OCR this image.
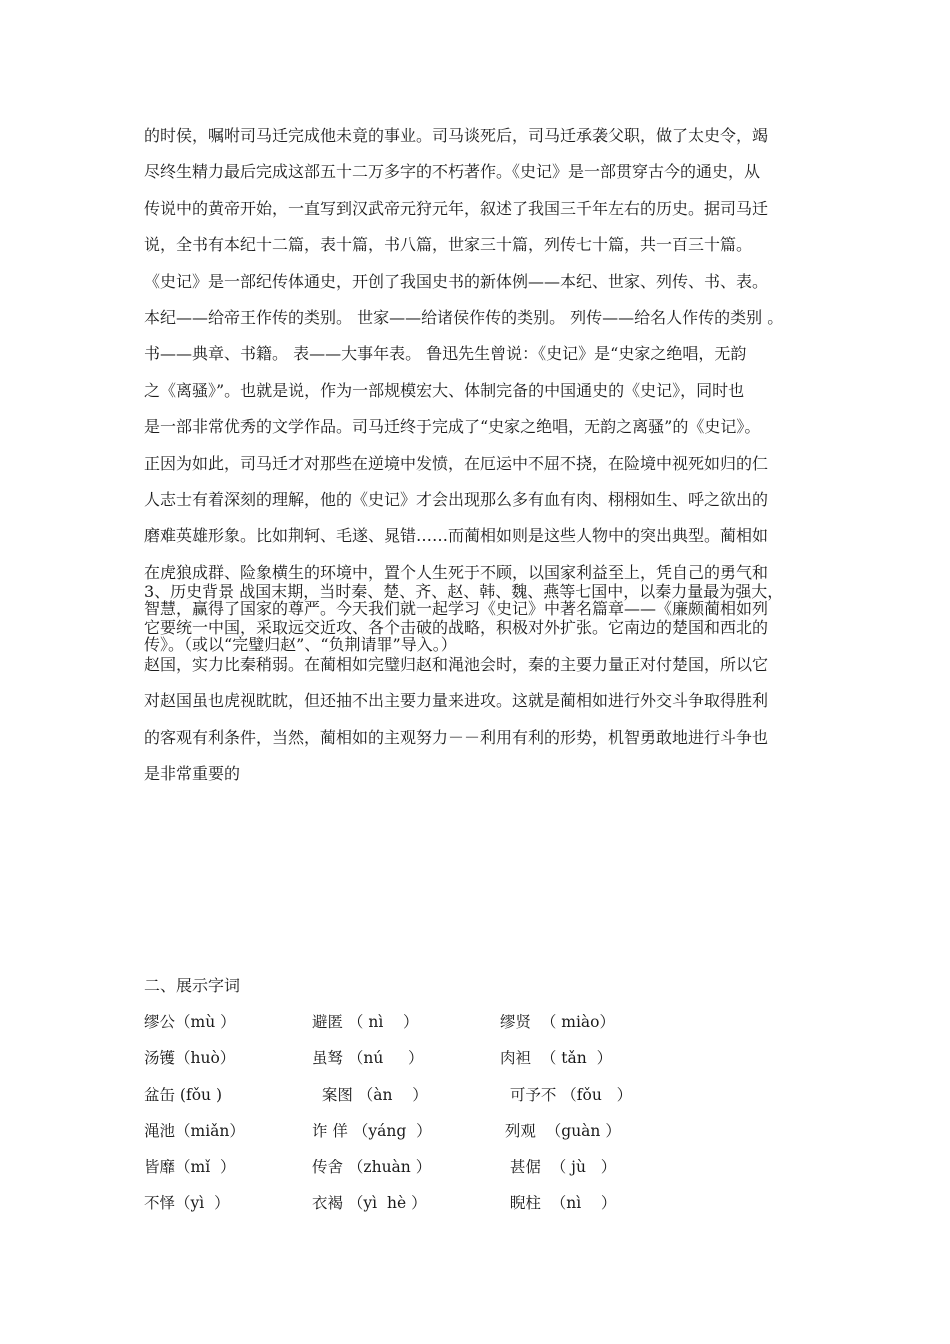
的时侯，嘱咐司马迁完成他未竟的事业。司马谈死后，司马迁承袭父职，做了太史令，竭
尽终生精力最后完成这部五十二万多字的不朽著作。《史记》是一部贯穿古今的通史，从
传说中的黄帝开始，一直写到汉武帝元狩元年，叙述了我国三千年左右的历史。据司马迁
说，全书有本纪十二篇，表十篇，书八篇，世家三十篇，列传七十篇，共一百三十篇。
《史记》是一部纪传体通史，开创了我国史书的新体例——本纪、世家、列传、书、表。
本纪——给帝王作传的类别。 世家——给诸侯作传的类别。 列传——给名人作传的类别 。
书——典章、书籍。 表——大事年表。 鲁迅先生曾说：《史记》是“史家之绝唱，无韵
之《离骚》”。也就是说，作为一部规模宏大、体制完备的中国通史的《史记》，同时也
是一部非常优秀的文学作品。司马迁终于完成了“史家之绝唱，无韵之离骚”的《史记》。
正因为如此，司马迁才对那些在逆境中发愤，在厄运中不屈不挠，在险境中视死如归的仁
人志士有着深刻的理解，他的《史记》才会出现那么多有血有肉、栩栩如生、呼之欲出的
磨难英雄形象。比如荆轲、毛遂、晁错……而蔺相如则是这些人物中的突出典型。蔺相如
在虎狼成群、险象横生的环境中，置个人生死于不顾，以国家利益至上，凭自己的勇气和
智慧，赢得了国家的尊严。今天我们就一起学习《史记》中著名篇章——《廉颇蔺相如列
传》。（或以“完璧归赵”、“负荆请罪”导入。）
3、历史背景 战国末期，当时秦、楚、齐、赵、韩、魏、燕等七国中，以秦力量最为强大，
它要统一中国，采取远交近攻、各个击破的战略，积极对外扩张。它南边的楚国和西北的
赵国，实力比秦稍弱。在蔺相如完璧归赵和渑池会时，秦的主要力量正对付楚国，所以它
对赵国虽也虎视眈眈，但还抽不出主要力量来进攻。这就是蔺相如进行外交斗争取得胜利
的客观有利条件，当然，蔺相如的主观努力－－利用有利的形势，机智勇敢地进行斗争也
是非常重要的
二、展示字词
缪公（mù ）	避匿 （ nì    ）	缪贤  （ miào）
汤镬（huò）	虽驽 （nú     ）	肉袒  （ tǎn  ）
盆缶 (fǒu )	案图 （àn    ）	可予不 （fǒu   ）
渑池（miǎn）	诈 佯 （yáng  ）	列观  （guàn ）
皆靡（mǐ  ）	传舍 （zhuàn ）	甚倨  （ jù   ）
不怿（yì  ）	衣褐 （yì  hè ）	睨柱  （nì    ）
